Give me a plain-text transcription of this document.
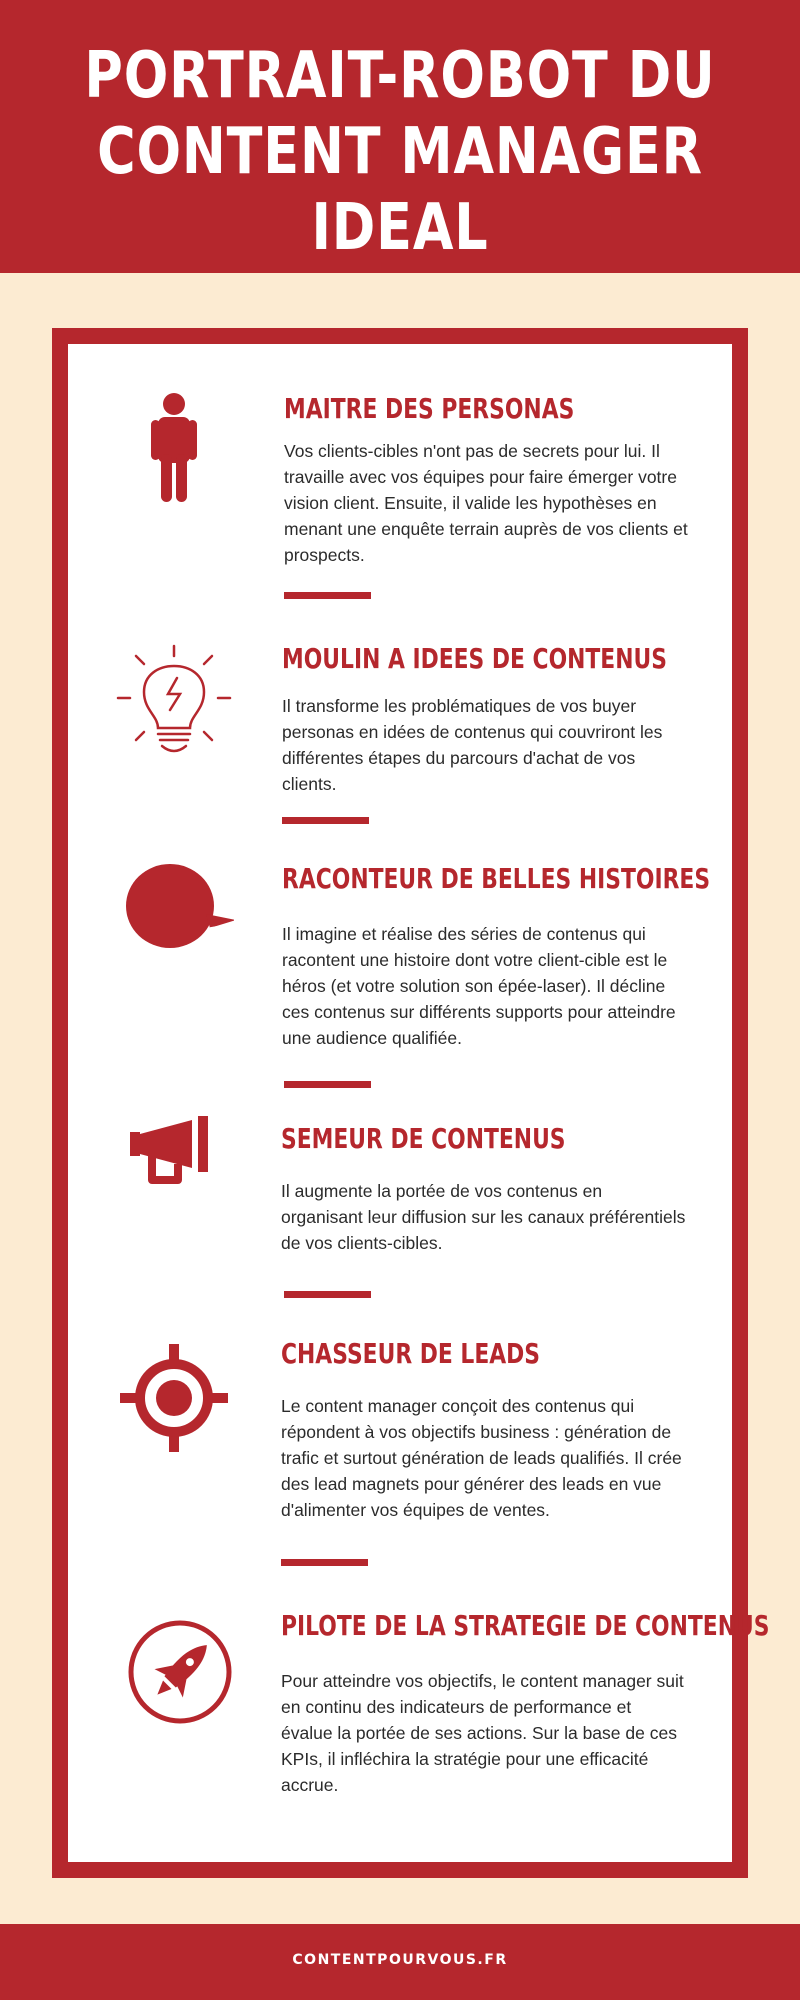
PORTRAIT-ROBOT DU
CONTENT MANAGER IDEAL
MAITRE DES PERSONAS

Vos clients-cibles n'ont pas de secrets pour lui. Il travaille avec vos équipes pour faire émerger votre vision client. Ensuite, il valide les hypothèses en menant une enquête terrain auprès de vos clients et prospects.

MOULIN A IDEES DE CONTENUS

Il transforme les problématiques de vos buyer personas en idées de contenus qui couvriront les différentes étapes du parcours d'achat de vos clients.

RACONTEUR DE BELLES HISTOIRES

Il imagine et réalise des séries de contenus qui racontent une histoire dont votre client-cible est le héros (et votre solution son épée-laser). Il décline ces contenus sur différents supports pour atteindre une audience qualifiée.

SEMEUR DE CONTENUS

Il augmente la portée de vos contenus en organisant leur diffusion sur les canaux préférentiels de vos clients-cibles.

CHASSEUR DE LEADS

Le content manager conçoit des contenus qui répondent à vos objectifs business : génération de trafic et surtout génération de leads qualifiés. Il crée des lead magnets pour générer des leads en vue d'alimenter vos équipes de ventes.

PILOTE DE LA STRATEGIE DE CONTENUS

Pour atteindre vos objectifs, le content manager suit en continu des indicateurs de performance et évalue la portée de ses actions. Sur la base de ces KPIs, il infléchira la stratégie pour une efficacité accrue.

CONTENTPOURVOUS.FR
